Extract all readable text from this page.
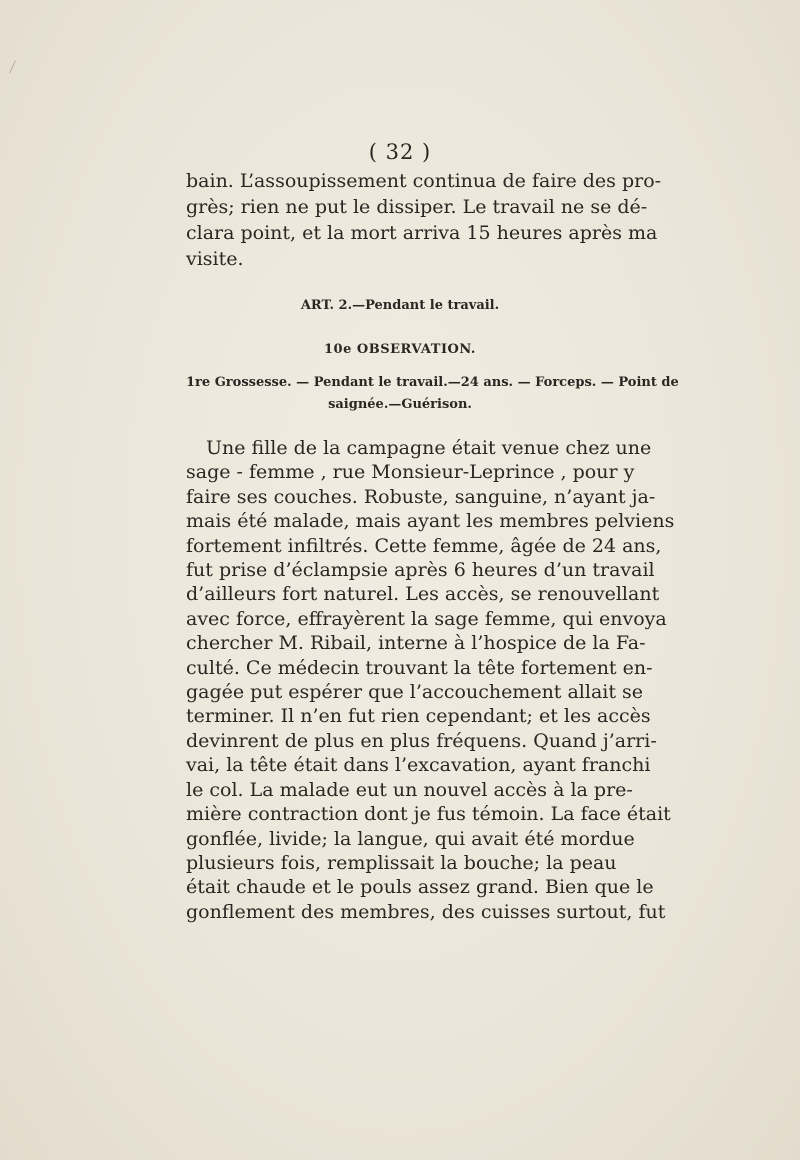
( 32 )

bain. L’assoupissement continua de faire des pro-
grès; rien ne put le dissiper. Le travail ne se dé-
clara point, et la mort arriva 15 heures après ma
visite.

ART. 2.—Pendant le travail.
10e OBSERVATION.
1re Grossesse. — Pendant le travail.—24 ans. — Forceps. — Point de
saignée.—Guérison.

Une fille de la campagne était venue chez une
sage - femme , rue Monsieur-Leprince , pour y
faire ses couches. Robuste, sanguine, n’ayant ja-
mais été malade, mais ayant les membres pelviens
fortement infiltrés. Cette femme, âgée de 24 ans,
fut prise d’éclampsie après 6 heures d’un travail
d’ailleurs fort naturel. Les accès, se renouvellant
avec force, effrayèrent la sage femme, qui envoya
chercher M. Ribail, interne à l’hospice de la Fa-
culté. Ce médecin trouvant la tête fortement en-
gagée put espérer que l’accouchement allait se
terminer. Il n’en fut rien cependant; et les accès
devinrent de plus en plus fréquens. Quand j’arri-
vai, la tête était dans l’excavation, ayant franchi
le col. La malade eut un nouvel accès à la pre-
mière contraction dont je fus témoin. La face était
gonflée, livide; la langue, qui avait été mordue
plusieurs fois, remplissait la bouche; la peau
était chaude et le pouls assez grand. Bien que le
gonflement des membres, des cuisses surtout, fut
